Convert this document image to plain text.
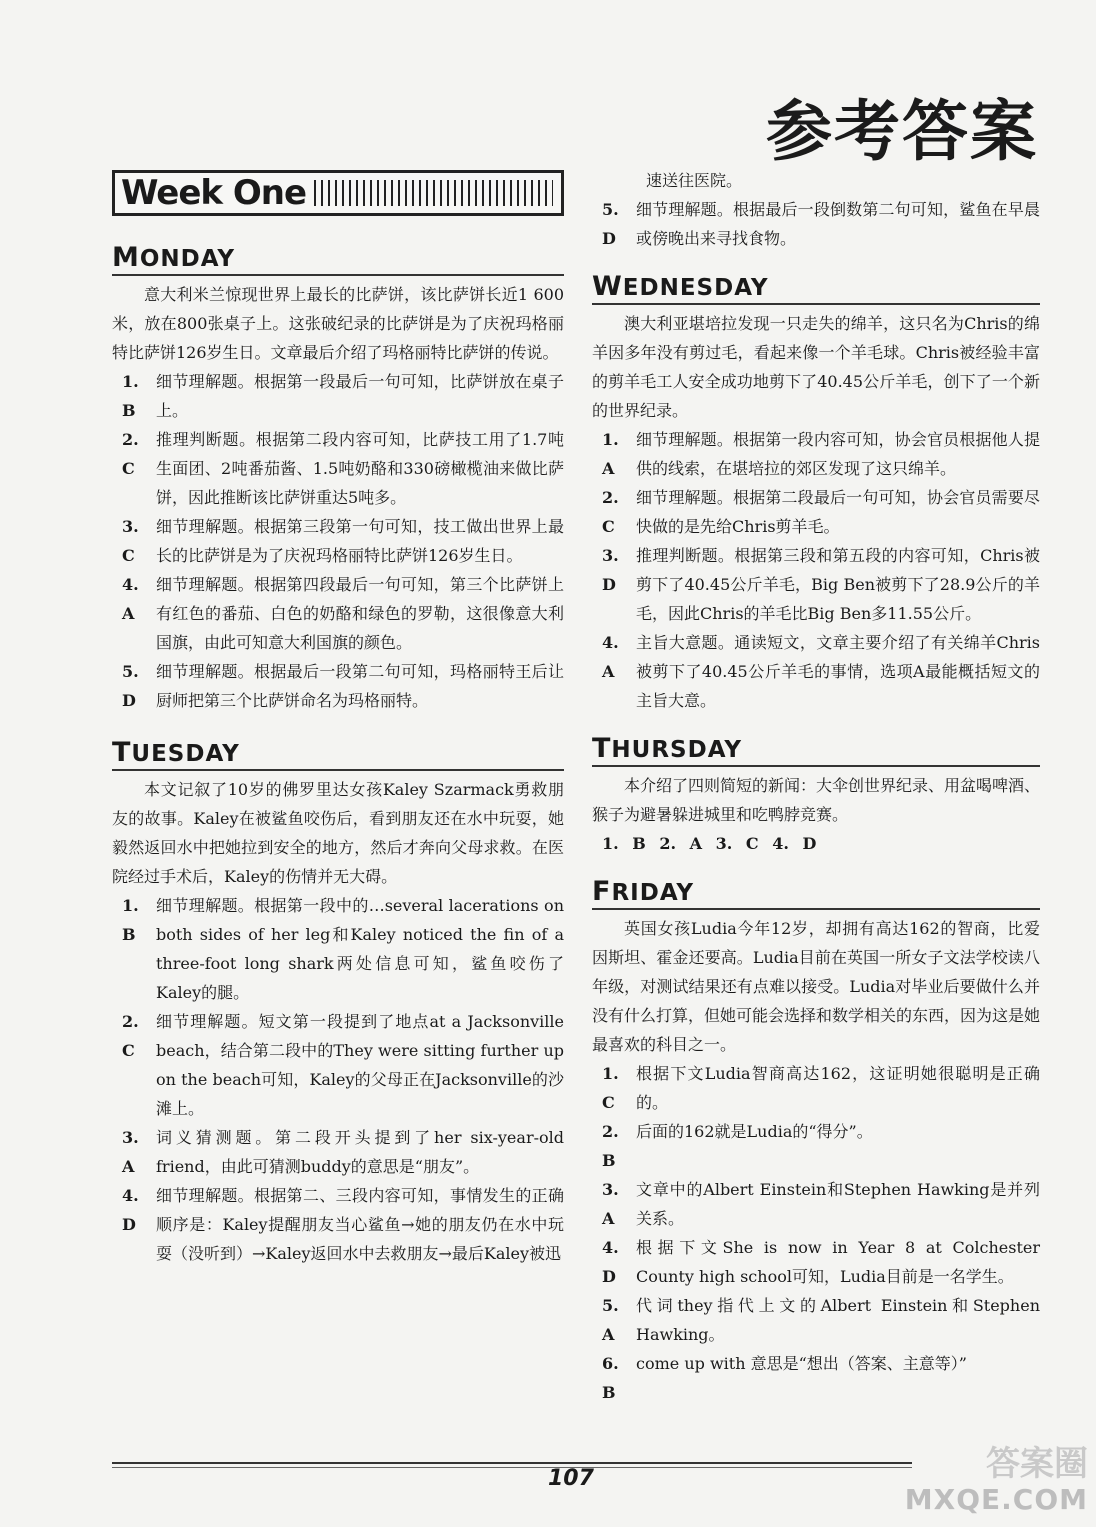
参考答案
Week One
MONDAY

意大利米兰惊现世界上最长的比萨饼，该比萨饼长近1 600米，放在800张桌子上。这张破纪录的比萨饼是为了庆祝玛格丽特比萨饼126岁生日。文章最后介绍了玛格丽特比萨饼的传说。

1. B
细节理解题。根据第一段最后一句可知，比萨饼放在桌子上。
2. C
推理判断题。根据第二段内容可知，比萨技工用了1.7吨生面团、2吨番茄酱、1.5吨奶酪和330磅橄榄油来做比萨饼，因此推断该比萨饼重达5吨多。
3. C
细节理解题。根据第三段第一句可知，技工做出世界上最长的比萨饼是为了庆祝玛格丽特比萨饼126岁生日。
4. A
细节理解题。根据第四段最后一句可知，第三个比萨饼上有红色的番茄、白色的奶酪和绿色的罗勒，这很像意大利国旗，由此可知意大利国旗的颜色。
5. D
细节理解题。根据最后一段第二句可知，玛格丽特王后让厨师把第三个比萨饼命名为玛格丽特。
TUESDAY

本文记叙了10岁的佛罗里达女孩Kaley Szarmack勇救朋友的故事。Kaley在被鲨鱼咬伤后，看到朋友还在水中玩耍，她毅然返回水中把她拉到安全的地方，然后才奔向父母求救。在医院经过手术后，Kaley的伤情并无大碍。

1. B
细节理解题。根据第一段中的…several lacerations on both sides of her leg和Kaley noticed the fin of a three-foot long shark两处信息可知，鲨鱼咬伤了Kaley的腿。
2. C
细节理解题。短文第一段提到了地点at a Jacksonville beach，结合第二段中的They were sitting further up on the beach可知，Kaley的父母正在Jacksonville的沙滩上。
3. A
词义猜测题。第二段开头提到了her six-year-old friend，由此可猜测buddy的意思是“朋友”。
4. D
细节理解题。根据第二、三段内容可知，事情发生的正确顺序是：Kaley提醒朋友当心鲨鱼→她的朋友仍在水中玩耍（没听到）→Kaley返回水中去救朋友→最后Kaley被迅
速送往医院。
5. D
细节理解题。根据最后一段倒数第二句可知，鲨鱼在早晨或傍晚出来寻找食物。
WEDNESDAY

澳大利亚堪培拉发现一只走失的绵羊，这只名为Chris的绵羊因多年没有剪过毛，看起来像一个羊毛球。Chris被经验丰富的剪羊毛工人安全成功地剪下了40.45公斤羊毛，创下了一个新的世界纪录。

1. A
细节理解题。根据第一段内容可知，协会官员根据他人提供的线索，在堪培拉的郊区发现了这只绵羊。
2. C
细节理解题。根据第二段最后一句可知，协会官员需要尽快做的是先给Chris剪羊毛。
3. D
推理判断题。根据第三段和第五段的内容可知，Chris被剪下了40.45公斤羊毛，Big Ben被剪下了28.9公斤的羊毛，因此Chris的羊毛比Big Ben多11.55公斤。
4. A
主旨大意题。通读短文，文章主要介绍了有关绵羊Chris被剪下了40.45公斤羊毛的事情，选项A最能概括短文的主旨大意。
THURSDAY

本介绍了四则简短的新闻：大伞创世界纪录、用盆喝啤酒、猴子为避暑躲进城里和吃鸭脖竞赛。

1. B 2. A 3. C 4. D
FRIDAY

英国女孩Ludia今年12岁，却拥有高达162的智商，比爱因斯坦、霍金还要高。Ludia目前在英国一所女子文法学校读八年级，对测试结果还有点难以接受。Ludia对毕业后要做什么并没有什么打算，但她可能会选择和数学相关的东西，因为这是她最喜欢的科目之一。

1. C
根据下文Ludia智商高达162，这证明她很聪明是正确的。
2. B
后面的162就是Ludia的“得分”。
3. A
文章中的Albert Einstein和Stephen Hawking是并列关系。
4. D
根据下文She is now in Year 8 at Colchester County high school可知，Ludia目前是一名学生。
5. A
代词they指代上文的Albert Einstein和Stephen Hawking。
6. B
come up with 意思是“想出（答案、主意等）”
107	答案圈
MXQE.COM
